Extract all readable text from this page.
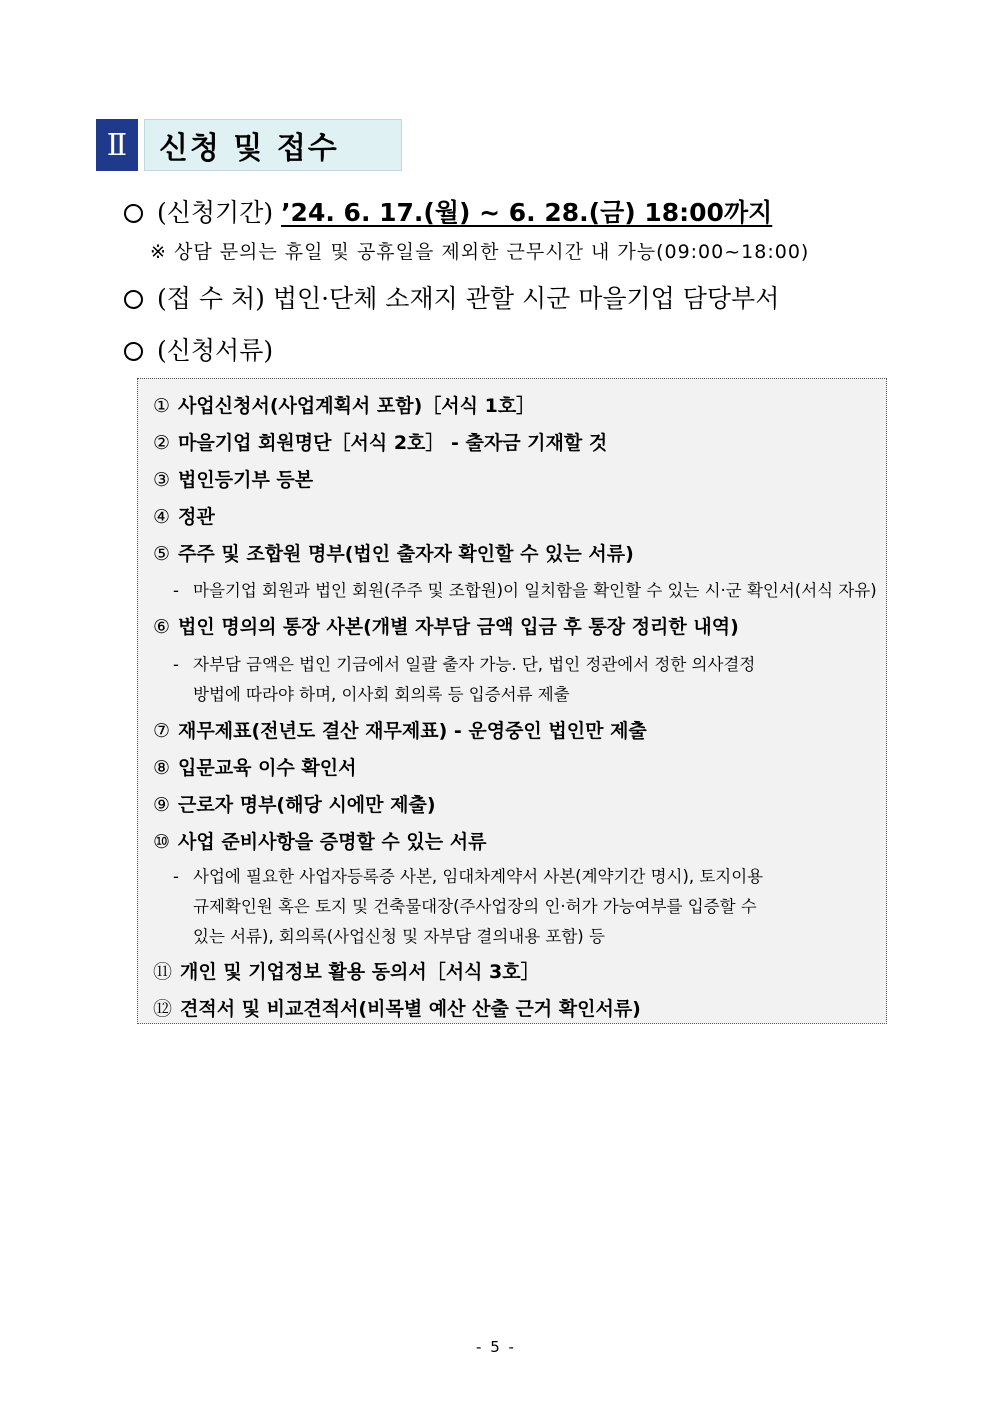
Ⅱ	신청 및 접수
(신청기간) ’24. 6. 17.(월) ~ 6. 28.(금) 18:00까지
※ 상담 문의는 휴일 및 공휴일을 제외한 근무시간 내 가능(09:00~18:00)
(접 수 처) 법인·단체 소재지 관할 시군 마을기업 담당부서
(신청서류)
① 사업신청서(사업계획서 포함)［서식 1호］
② 마을기업 회원명단［서식 2호］ - 출자금 기재할 것
③ 법인등기부 등본
④ 정관
⑤ 주주 및 조합원 명부(법인 출자자 확인할 수 있는 서류)
- 마을기업 회원과 법인 회원(주주 및 조합원)이 일치함을 확인할 수 있는 시·군 확인서(서식 자유)
⑥ 법인 명의의 통장 사본(개별 자부담 금액 입금 후 통장 정리한 내역)
- 자부담 금액은 법인 기금에서 일괄 출자 가능. 단, 법인 정관에서 정한 의사결정
방법에 따라야 하며, 이사회 회의록 등 입증서류 제출
⑦ 재무제표(전년도 결산 재무제표) - 운영중인 법인만 제출
⑧ 입문교육 이수 확인서
⑨ 근로자 명부(해당 시에만 제출)
⑩ 사업 준비사항을 증명할 수 있는 서류
- 사업에 필요한 사업자등록증 사본, 임대차계약서 사본(계약기간 명시), 토지이용
규제확인원 혹은 토지 및 건축물대장(주사업장의 인·허가 가능여부를 입증할 수
있는 서류), 회의록(사업신청 및 자부담 결의내용 포함) 등
⑪ 개인 및 기업정보 활용 동의서［서식 3호］
⑫ 견적서 및 비교견적서(비목별 예산 산출 근거 확인서류)
- 5 -
